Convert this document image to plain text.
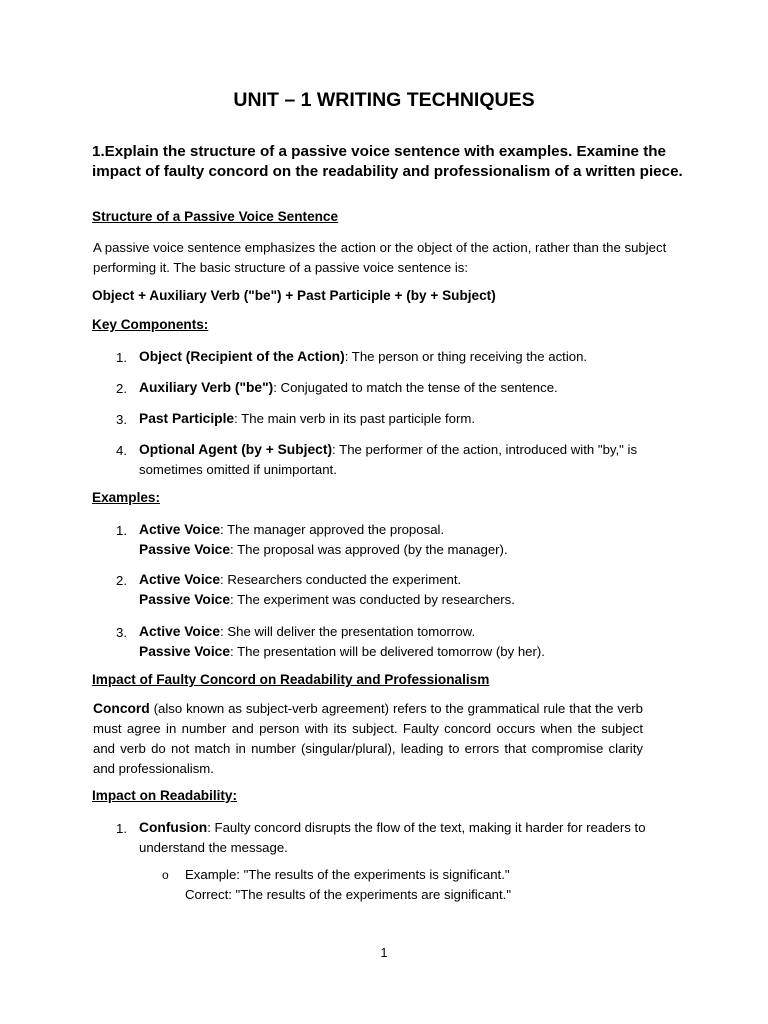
UNIT – 1 WRITING TECHNIQUES
1.Explain the structure of a passive voice sentence with examples. Examine the impact of faulty concord on the readability and professionalism of a written piece.
Structure of a Passive Voice Sentence
A passive voice sentence emphasizes the action or the object of the action, rather than the subject performing it. The basic structure of a passive voice sentence is:
Object + Auxiliary Verb ("be") + Past Participle + (by + Subject)
Key Components:
1. Object (Recipient of the Action): The person or thing receiving the action.
2. Auxiliary Verb ("be"): Conjugated to match the tense of the sentence.
3. Past Participle: The main verb in its past participle form.
4. Optional Agent (by + Subject): The performer of the action, introduced with "by," is sometimes omitted if unimportant.
Examples:
1. Active Voice: The manager approved the proposal.
Passive Voice: The proposal was approved (by the manager).
2. Active Voice: Researchers conducted the experiment.
Passive Voice: The experiment was conducted by researchers.
3. Active Voice: She will deliver the presentation tomorrow.
Passive Voice: The presentation will be delivered tomorrow (by her).
Impact of Faulty Concord on Readability and Professionalism
Concord (also known as subject-verb agreement) refers to the grammatical rule that the verb must agree in number and person with its subject. Faulty concord occurs when the subject and verb do not match in number (singular/plural), leading to errors that compromise clarity and professionalism.
Impact on Readability:
1. Confusion: Faulty concord disrupts the flow of the text, making it harder for readers to understand the message.
o Example: "The results of the experiments is significant."
Correct: "The results of the experiments are significant."
1
